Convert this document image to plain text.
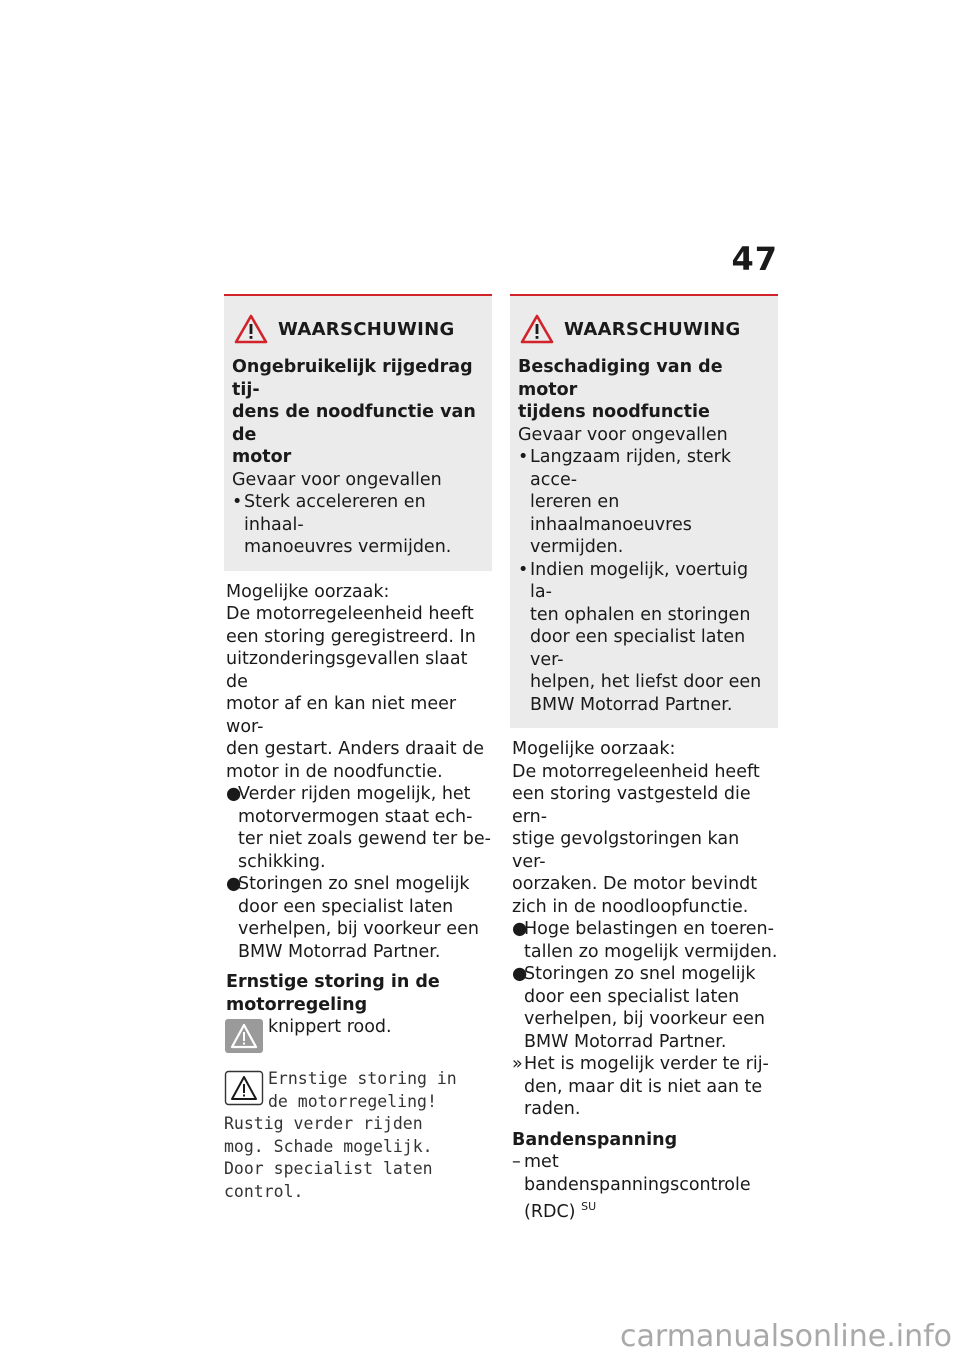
47
WAARSCHUWING
Ongebruikelijk rijgedrag tij-
dens de noodfunctie van de
motor
Gevaar voor ongevallen
• Sterk accelereren en inhaal-
manoeuvres vermijden.
Mogelijke oorzaak:
De motorregeleenheid heeft
een storing geregistreerd. In
uitzonderingsgevallen slaat de
motor af en kan niet meer wor-
den gestart. Anders draait de
motor in de noodfunctie.
●
Verder rijden mogelijk, het
motorvermogen staat ech-
ter niet zoals gewend ter be-
schikking.
●
Storingen zo snel mogelijk
door een specialist laten
verhelpen, bij voorkeur een
BMW Motorrad Partner.
Ernstige storing in de
motorregeling
knippert rood.
Ernstige storing in
de motorregeling!
Rustig verder rijden
mog. Schade mogelijk.
Door specialist laten
control.
WAARSCHUWING
Beschadiging van de motor
tijdens noodfunctie
Gevaar voor ongevallen
• Langzaam rijden, sterk acce-
lereren en inhaalmanoeuvres
vermijden.
• Indien mogelijk, voertuig la-
ten ophalen en storingen
door een specialist laten ver-
helpen, het liefst door een
BMW Motorrad Partner.
Mogelijke oorzaak:
De motorregeleenheid heeft
een storing vastgesteld die ern-
stige gevolgstoringen kan ver-
oorzaken. De motor bevindt
zich in de noodloopfunctie.
●
Hoge belastingen en toeren-
tallen zo mogelijk vermijden.
●
Storingen zo snel mogelijk
door een specialist laten
verhelpen, bij voorkeur een
BMW Motorrad Partner.
» Het is mogelijk verder te rij-
den, maar dit is niet aan te
raden.
Bandenspanning
– met bandenspanningscontrole
(RDC) $^{SU}$
carmanualsonline.info
